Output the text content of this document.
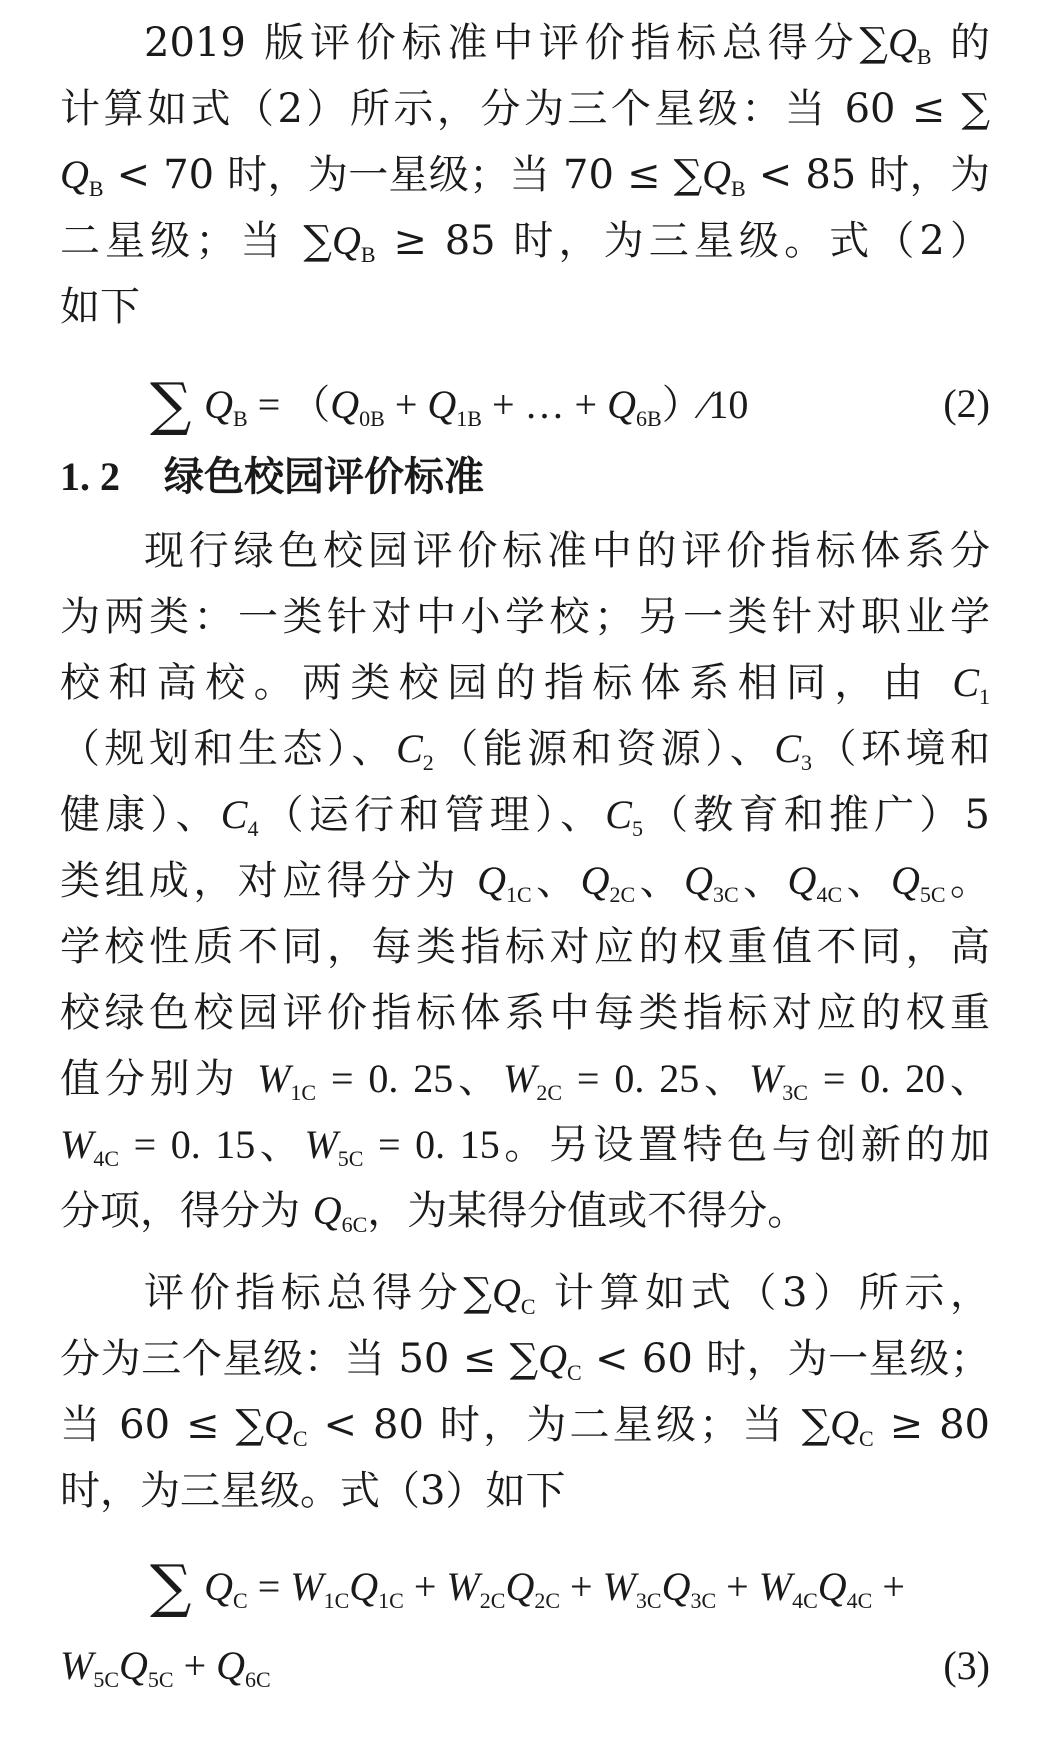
2019 版评价标准中评价指标总得分$\sum Q_B$ 的
计算如式（2）所示，分为三个星级：当 60 ≤ ∑
$Q_B < 70$ 时，为一星级；当 $70 \le \sum Q_B < 85$ 时，为
二星级；当 $\sum Q_B \ge 85$ 时，为三星级。式（2）
如下
∑ $Q_B = (Q_{0B} + Q_{1B}$ + … + $Q_{6B})∕10$	(2)
1. 2 绿色校园评价标准
现行绿色校园评价标准中的评价指标体系分
为两类：一类针对中小学校；另一类针对职业学
校和高校。两类校园的指标体系相同，由 $C_1$
（规划和生态）、$C_2$（能源和资源）、$C_3$（环境和
健康）、$C_4$（运行和管理）、$C_5$（教育和推广）5
类组成，对应得分为 $Q_{1C}$、$Q_{2C}$、$Q_{3C}$、$Q_{4C}$、$Q_{5C}$。
学校性质不同，每类指标对应的权重值不同，高
校绿色校园评价指标体系中每类指标对应的权重
值分别为 $W_{1C} = 0$. 25、$W_{2C} = 0$. 25、$W_{3C} = 0$. 20、
$W_{4C} = 0$. 15、$W_{5C} = 0$. 15。另设置特色与创新的加
分项，得分为 $Q_{6C}$，为某得分值或不得分。
评价指标总得分$\sum Q_C$ 计算如式（3）所示，
分为三个星级：当 $50 \le \sum Q_C < 60$ 时，为一星级；
当 $60 \le \sum Q_C < 80$ 时，为二星级；当 $\sum Q_C \ge 80$
时，为三星级。式（3）如下
∑ $Q_C = W_{1C}Q_{1C} + W_{2C}Q_{2C} + W_{3C}Q_{3C} + W_{4C}Q_{4C}$ +
$W_{5C}Q_{5C} + Q_{6C}$	(3)
